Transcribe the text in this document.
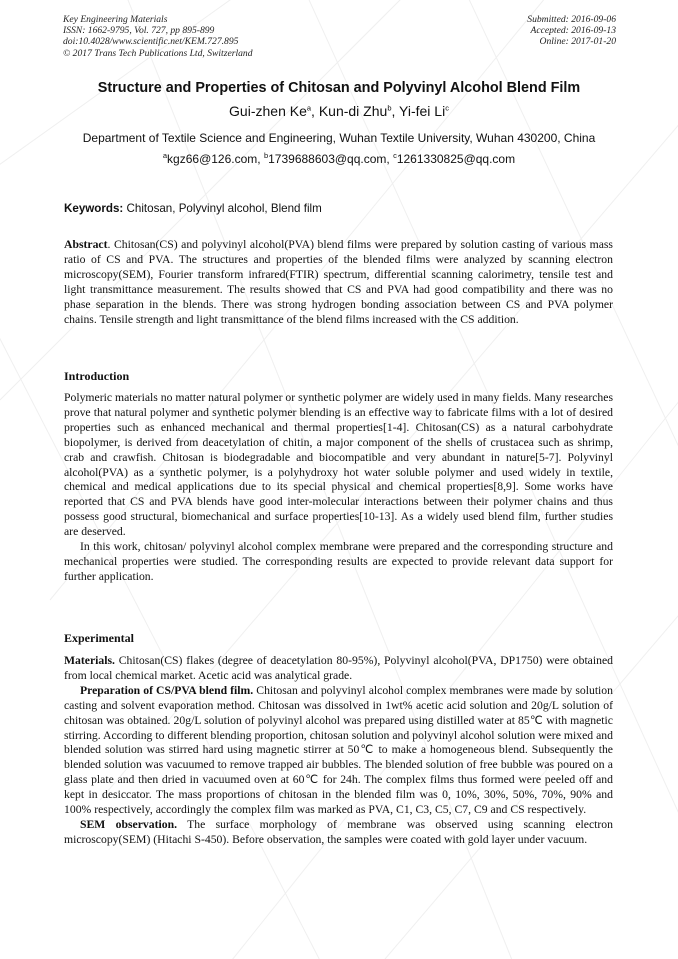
Key Engineering Materials
ISSN: 1662-9795, Vol. 727, pp 895-899
doi:10.4028/www.scientific.net/KEM.727.895
© 2017 Trans Tech Publications Ltd, Switzerland
Submitted: 2016-09-06
Accepted: 2016-09-13
Online: 2017-01-20
Structure and Properties of Chitosan and Polyvinyl Alcohol Blend Film
Gui-zhen Ke$^a$, Kun-di Zhu$^b$, Yi-fei Li$^c$
Department of Textile Science and Engineering, Wuhan Textile University, Wuhan 430200, China
$^a$kgz66@126.com, $^b$1739688603@qq.com, $^c$1261330825@qq.com
Keywords: Chitosan, Polyvinyl alcohol, Blend film

Abstract. Chitosan(CS) and polyvinyl alcohol(PVA) blend films were prepared by solution casting of various mass ratio of CS and PVA. The structures and properties of the blended films were analyzed by scanning electron microscopy(SEM), Fourier transform infrared(FTIR) spectrum, differential scanning calorimetry, tensile test and light transmittance measurement. The results showed that CS and PVA had good compatibility and there was no phase separation in the blends. There was strong hydrogen bonding association between CS and PVA polymer chains. Tensile strength and light transmittance of the blend films increased with the CS addition.

Introduction

Polymeric materials no matter natural polymer or synthetic polymer are widely used in many fields. Many researches prove that natural polymer and synthetic polymer blending is an effective way to fabricate films with a lot of desired properties such as enhanced mechanical and thermal properties[1-4]. Chitosan(CS) as a natural carbohydrate biopolymer, is derived from deacetylation of chitin, a major component of the shells of crustacea such as shrimp, crab and crawfish. Chitosan is biodegradable and biocompatible and very abundant in nature[5-7]. Polyvinyl alcohol(PVA) as a synthetic polymer, is a polyhydroxy hot water soluble polymer and used widely in textile, chemical and medical applications due to its special physical and chemical properties[8,9]. Some works have reported that CS and PVA blends have good inter-molecular interactions between their polymer chains and thus possess good structural, biomechanical and surface properties[10-13]. As a widely used blend film, further studies are deserved.

In this work, chitosan/ polyvinyl alcohol complex membrane were prepared and the corresponding structure and mechanical properties were studied. The corresponding results are expected to provide relevant data support for further application.

Experimental

Materials. Chitosan(CS) flakes (degree of deacetylation 80-95%), Polyvinyl alcohol(PVA, DP1750) were obtained from local chemical market. Acetic acid was analytical grade.

Preparation of CS/PVA blend film. Chitosan and polyvinyl alcohol complex membranes were made by solution casting and solvent evaporation method. Chitosan was dissolved in 1wt% acetic acid solution and 20g/L solution of chitosan was obtained. 20g/L solution of polyvinyl alcohol was prepared using distilled water at 85℃ with magnetic stirring. According to different blending proportion, chitosan solution and polyvinyl alcohol solution were mixed and blended solution was stirred hard using magnetic stirrer at 50℃ to make a homogeneous blend. Subsequently the blended solution was vacuumed to remove trapped air bubbles. The blended solution of free bubble was poured on a glass plate and then dried in vacuumed oven at 60℃ for 24h. The complex films thus formed were peeled off and kept in desiccator. The mass proportions of chitosan in the blended film was 0, 10%, 30%, 50%, 70%, 90% and 100% respectively, accordingly the complex film was marked as PVA, C1, C3, C5, C7, C9 and CS respectively.

SEM observation. The surface morphology of membrane was observed using scanning electron microscopy(SEM) (Hitachi S-450). Before observation, the samples were coated with gold layer under vacuum.
